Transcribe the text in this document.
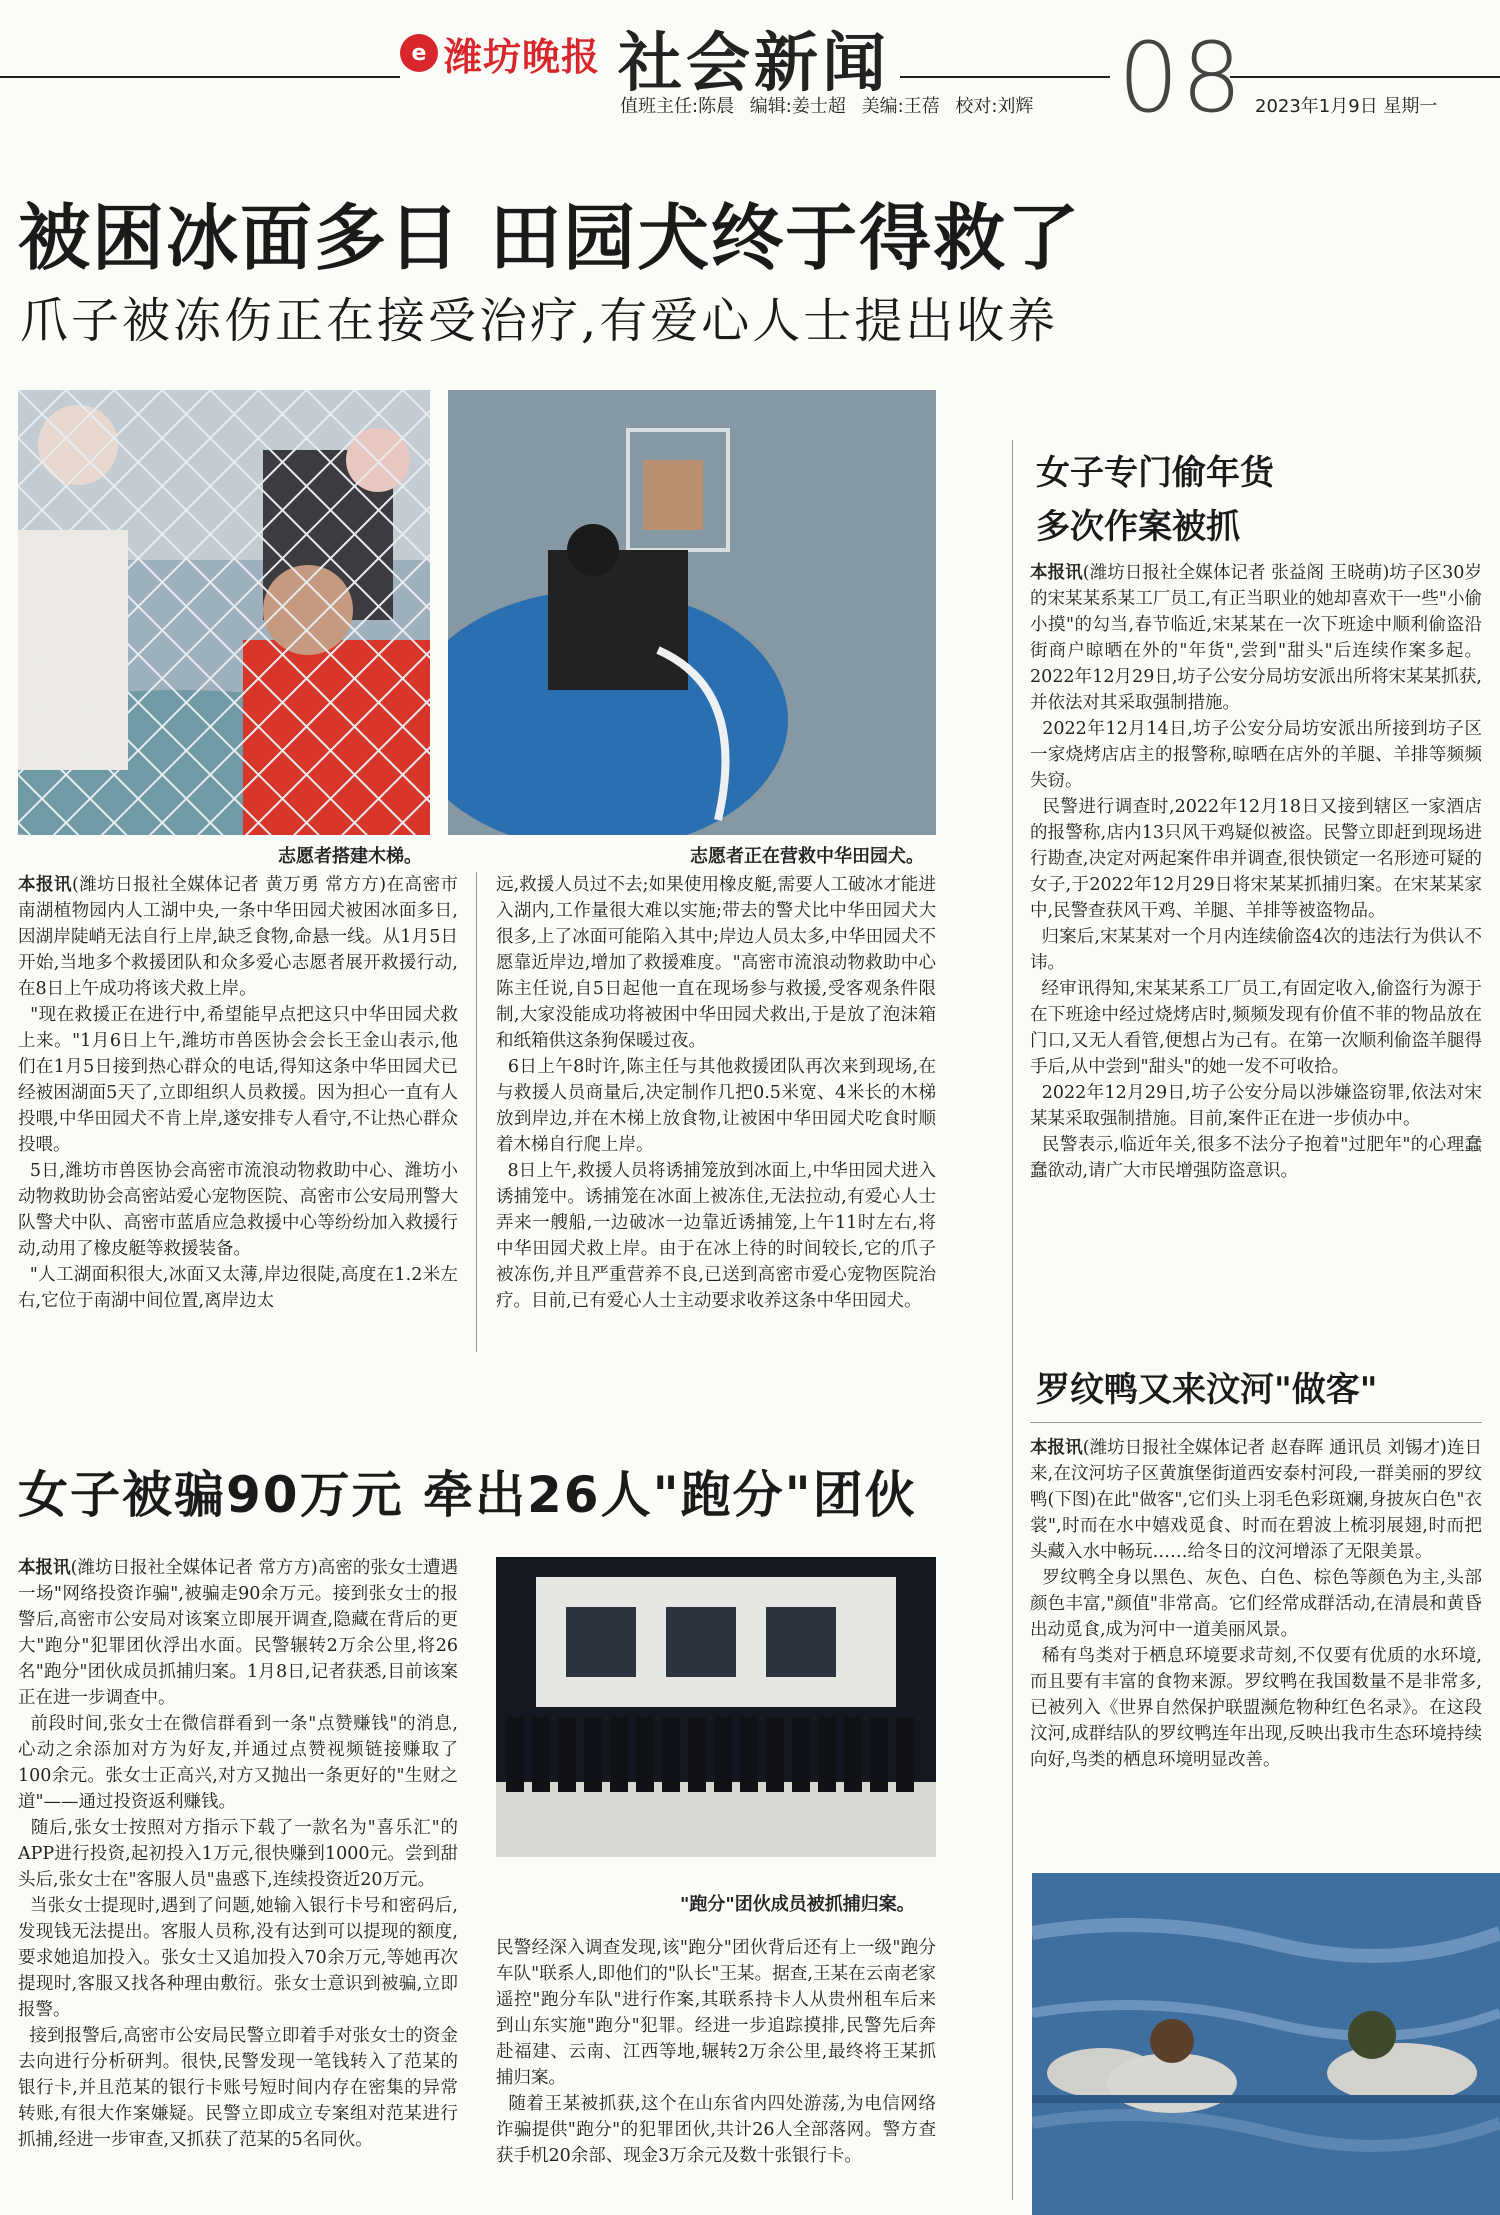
e 潍坊晚报 社会新闻
值班主任:陈晨 编辑:姜士超 美编:王蓓 校对:刘辉 08 2023年1月9日 星期一
被困冰面多日 田园犬终于得救了
爪子被冻伤正在接受治疗,有爱心人士提出收养
志愿者搭建木梯。	志愿者正在营救中华田园犬。
本报讯(潍坊日报社全媒体记者 黄万勇 常方方)在高密市南湖植物园内人工湖中央,一条中华田园犬被困冰面多日,因湖岸陡峭无法自行上岸,缺乏食物,命悬一线。从1月5日开始,当地多个救援团队和众多爱心志愿者展开救援行动,在8日上午成功将该犬救上岸。
"现在救援正在进行中,希望能早点把这只中华田园犬救上来。"1月6日上午,潍坊市兽医协会会长王金山表示,他们在1月5日接到热心群众的电话,得知这条中华田园犬已经被困湖面5天了,立即组织人员救援。因为担心一直有人投喂,中华田园犬不肯上岸,遂安排专人看守,不让热心群众投喂。
5日,潍坊市兽医协会高密市流浪动物救助中心、潍坊小动物救助协会高密站爱心宠物医院、高密市公安局刑警大队警犬中队、高密市蓝盾应急救援中心等纷纷加入救援行动,动用了橡皮艇等救援装备。
"人工湖面积很大,冰面又太薄,岸边很陡,高度在1.2米左右,它位于南湖中间位置,离岸边太
远,救援人员过不去;如果使用橡皮艇,需要人工破冰才能进入湖内,工作量很大难以实施;带去的警犬比中华田园犬大很多,上了冰面可能陷入其中;岸边人员太多,中华田园犬不愿靠近岸边,增加了救援难度。"高密市流浪动物救助中心陈主任说,自5日起他一直在现场参与救援,受客观条件限制,大家没能成功将被困中华田园犬救出,于是放了泡沫箱和纸箱供这条狗保暖过夜。
6日上午8时许,陈主任与其他救援团队再次来到现场,在与救援人员商量后,决定制作几把0.5米宽、4米长的木梯放到岸边,并在木梯上放食物,让被困中华田园犬吃食时顺着木梯自行爬上岸。
8日上午,救援人员将诱捕笼放到冰面上,中华田园犬进入诱捕笼中。诱捕笼在冰面上被冻住,无法拉动,有爱心人士弄来一艘船,一边破冰一边靠近诱捕笼,上午11时左右,将中华田园犬救上岸。由于在冰上待的时间较长,它的爪子被冻伤,并且严重营养不良,已送到高密市爱心宠物医院治疗。目前,已有爱心人士主动要求收养这条中华田园犬。
女子专门偷年货
多次作案被抓
本报讯(潍坊日报社全媒体记者 张益阁 王晓萌)坊子区30岁的宋某某系某工厂员工,有正当职业的她却喜欢干一些"小偷小摸"的勾当,春节临近,宋某某在一次下班途中顺利偷盗沿街商户晾晒在外的"年货",尝到"甜头"后连续作案多起。2022年12月29日,坊子公安分局坊安派出所将宋某某抓获,并依法对其采取强制措施。
2022年12月14日,坊子公安分局坊安派出所接到坊子区一家烧烤店店主的报警称,晾晒在店外的羊腿、羊排等频频失窃。
民警进行调查时,2022年12月18日又接到辖区一家酒店的报警称,店内13只风干鸡疑似被盗。民警立即赶到现场进行勘查,决定对两起案件串并调查,很快锁定一名形迹可疑的女子,于2022年12月29日将宋某某抓捕归案。在宋某某家中,民警查获风干鸡、羊腿、羊排等被盗物品。
归案后,宋某某对一个月内连续偷盗4次的违法行为供认不讳。
经审讯得知,宋某某系工厂员工,有固定收入,偷盗行为源于在下班途中经过烧烤店时,频频发现有价值不菲的物品放在门口,又无人看管,便想占为己有。在第一次顺利偷盗羊腿得手后,从中尝到"甜头"的她一发不可收拾。
2022年12月29日,坊子公安分局以涉嫌盗窃罪,依法对宋某某采取强制措施。目前,案件正在进一步侦办中。
民警表示,临近年关,很多不法分子抱着"过肥年"的心理蠢蠢欲动,请广大市民增强防盗意识。
罗纹鸭又来汶河"做客"
本报讯(潍坊日报社全媒体记者 赵春晖 通讯员 刘锡才)连日来,在汶河坊子区黄旗堡街道西安泰村河段,一群美丽的罗纹鸭(下图)在此"做客",它们头上羽毛色彩斑斓,身披灰白色"衣裳",时而在水中嬉戏觅食、时而在碧波上梳羽展翅,时而把头藏入水中畅玩……给冬日的汶河增添了无限美景。
罗纹鸭全身以黑色、灰色、白色、棕色等颜色为主,头部颜色丰富,"颜值"非常高。它们经常成群活动,在清晨和黄昏出动觅食,成为河中一道美丽风景。
稀有鸟类对于栖息环境要求苛刻,不仅要有优质的水环境,而且要有丰富的食物来源。罗纹鸭在我国数量不是非常多,已被列入《世界自然保护联盟濒危物种红色名录》。在这段汶河,成群结队的罗纹鸭连年出现,反映出我市生态环境持续向好,鸟类的栖息环境明显改善。
女子被骗90万元 牵出26人"跑分"团伙
本报讯(潍坊日报社全媒体记者 常方方)高密的张女士遭遇一场"网络投资诈骗",被骗走90余万元。接到张女士的报警后,高密市公安局对该案立即展开调查,隐藏在背后的更大"跑分"犯罪团伙浮出水面。民警辗转2万余公里,将26名"跑分"团伙成员抓捕归案。1月8日,记者获悉,目前该案正在进一步调查中。
前段时间,张女士在微信群看到一条"点赞赚钱"的消息,心动之余添加对方为好友,并通过点赞视频链接赚取了100余元。张女士正高兴,对方又抛出一条更好的"生财之道"——通过投资返利赚钱。
随后,张女士按照对方指示下载了一款名为"喜乐汇"的APP进行投资,起初投入1万元,很快赚到1000元。尝到甜头后,张女士在"客服人员"蛊惑下,连续投资近20万元。
当张女士提现时,遇到了问题,她输入银行卡号和密码后,发现钱无法提出。客服人员称,没有达到可以提现的额度,要求她追加投入。张女士又追加投入70余万元,等她再次提现时,客服又找各种理由敷衍。张女士意识到被骗,立即报警。
接到报警后,高密市公安局民警立即着手对张女士的资金去向进行分析研判。很快,民警发现一笔钱转入了范某的银行卡,并且范某的银行卡账号短时间内存在密集的异常转账,有很大作案嫌疑。民警立即成立专案组对范某进行抓捕,经进一步审查,又抓获了范某的5名同伙。
"跑分"团伙成员被抓捕归案。
民警经深入调查发现,该"跑分"团伙背后还有上一级"跑分车队"联系人,即他们的"队长"王某。据查,王某在云南老家遥控"跑分车队"进行作案,其联系持卡人从贵州租车后来到山东实施"跑分"犯罪。经进一步追踪摸排,民警先后奔赴福建、云南、江西等地,辗转2万余公里,最终将王某抓捕归案。
随着王某被抓获,这个在山东省内四处游荡,为电信网络诈骗提供"跑分"的犯罪团伙,共计26人全部落网。警方查获手机20余部、现金3万余元及数十张银行卡。
